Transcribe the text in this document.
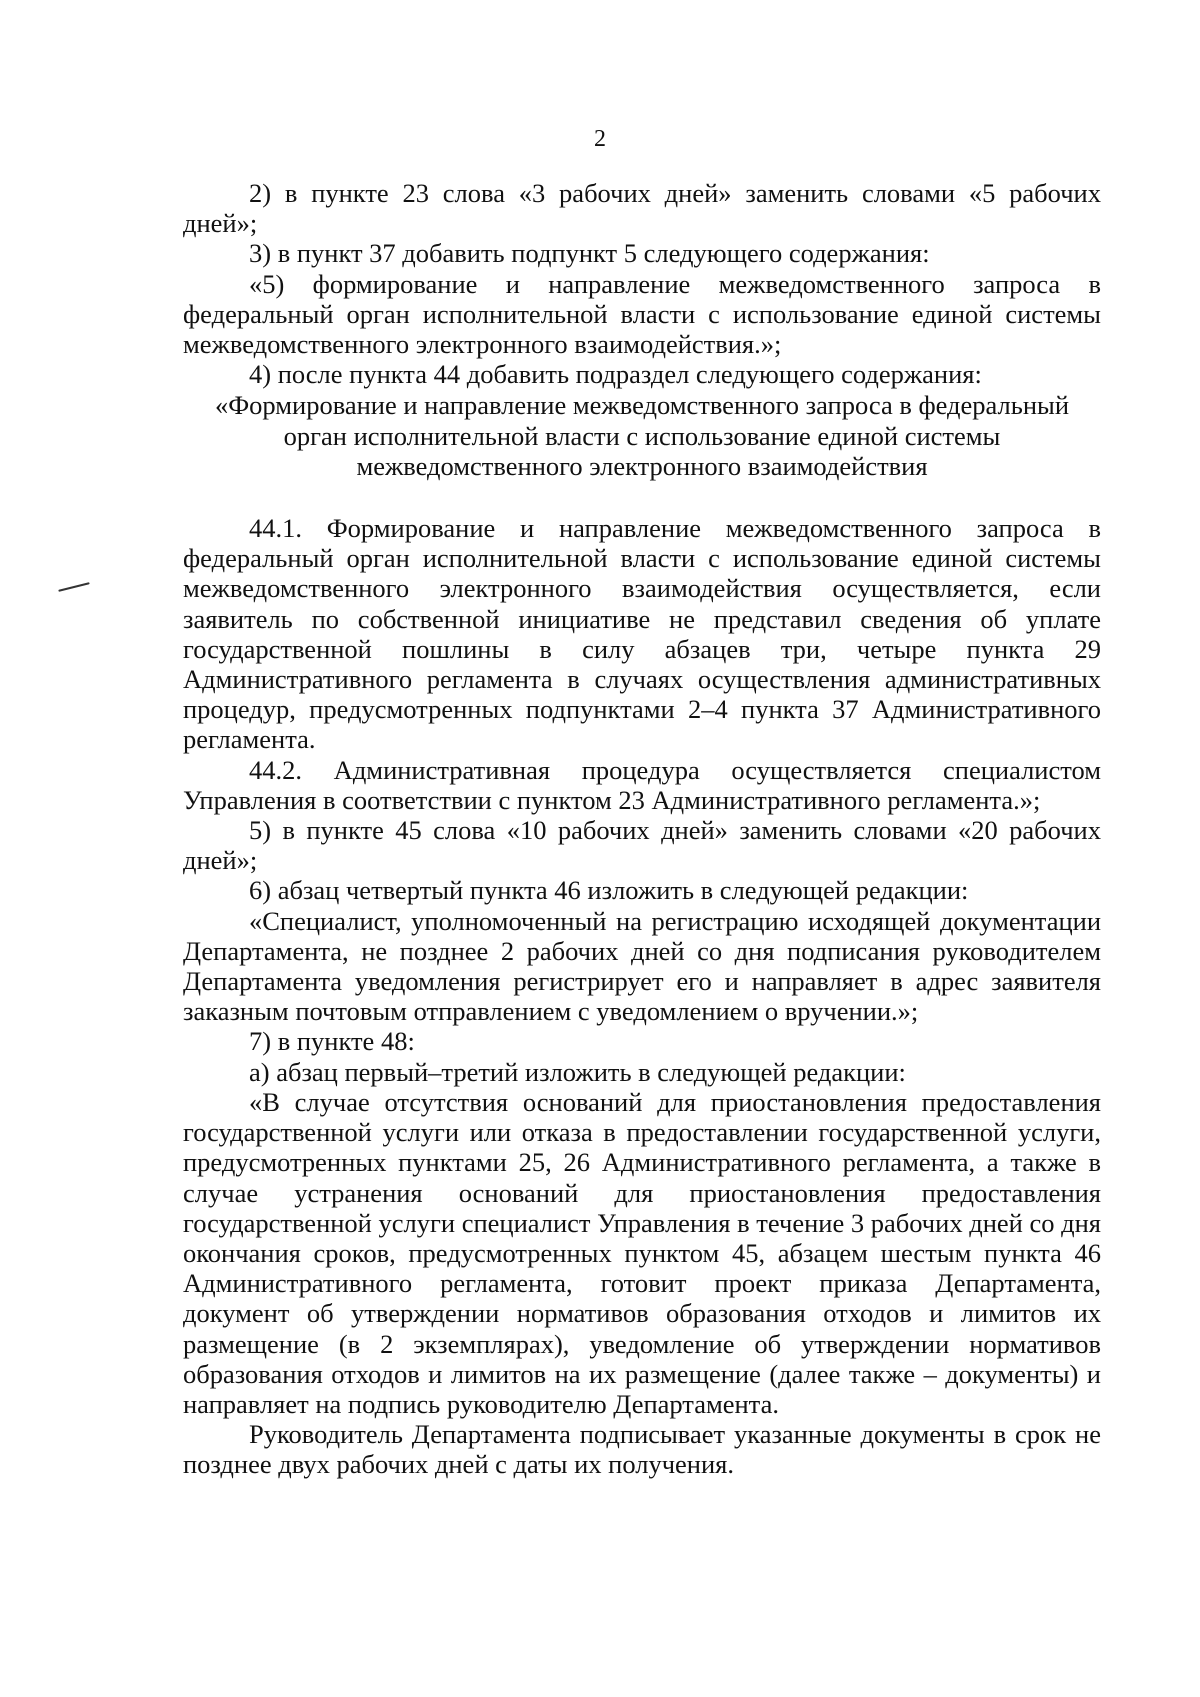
2

2) в пункте 23 слова «3 рабочих дней» заменить словами «5 рабочих дней»;

3) в пункт 37 добавить подпункт 5 следующего содержания:

«5) формирование и направление межведомственного запроса в федеральный орган исполнительной власти с использование единой системы межведомственного электронного взаимодействия.»;

4) после пункта 44 добавить подраздел следующего содержания:

«Формирование и направление межведомственного запроса в федеральный орган исполнительной власти с использование единой системы межведомственного электронного взаимодействия

44.1. Формирование и направление межведомственного запроса в федеральный орган исполнительной власти с использование единой системы межведомственного электронного взаимодействия осуществляется, если заявитель по собственной инициативе не представил сведения об уплате государственной пошлины в силу абзацев три, четыре пункта 29 Административного регламента в случаях осуществления административных процедур, предусмотренных подпунктами 2–4 пункта 37 Административного регламента.

44.2. Административная процедура осуществляется специалистом Управления в соответствии с пунктом 23 Административного регламента.»;

5) в пункте 45 слова «10 рабочих дней» заменить словами «20 рабочих дней»;

6) абзац четвертый пункта 46 изложить в следующей редакции:

«Специалист, уполномоченный на регистрацию исходящей документации Департамента, не позднее 2 рабочих дней со дня подписания руководителем Департамента уведомления регистрирует его и направляет в адрес заявителя заказным почтовым отправлением с уведомлением о вручении.»;

7) в пункте 48:

а) абзац первый–третий изложить в следующей редакции:

«В случае отсутствия оснований для приостановления предоставления государственной услуги или отказа в предоставлении государственной услуги, предусмотренных пунктами 25, 26 Административного регламента, а также в случае устранения оснований для приостановления предоставления государственной услуги специалист Управления в течение 3 рабочих дней со дня окончания сроков, предусмотренных пунктом 45, абзацем шестым пункта 46 Административного регламента, готовит проект приказа Департамента, документ об утверждении нормативов образования отходов и лимитов их размещение (в 2 экземплярах), уведомление об утверждении нормативов образования отходов и лимитов на их размещение (далее также – документы) и направляет на подпись руководителю Департамента.

Руководитель Департамента подписывает указанные документы в срок не позднее двух рабочих дней с даты их получения.
